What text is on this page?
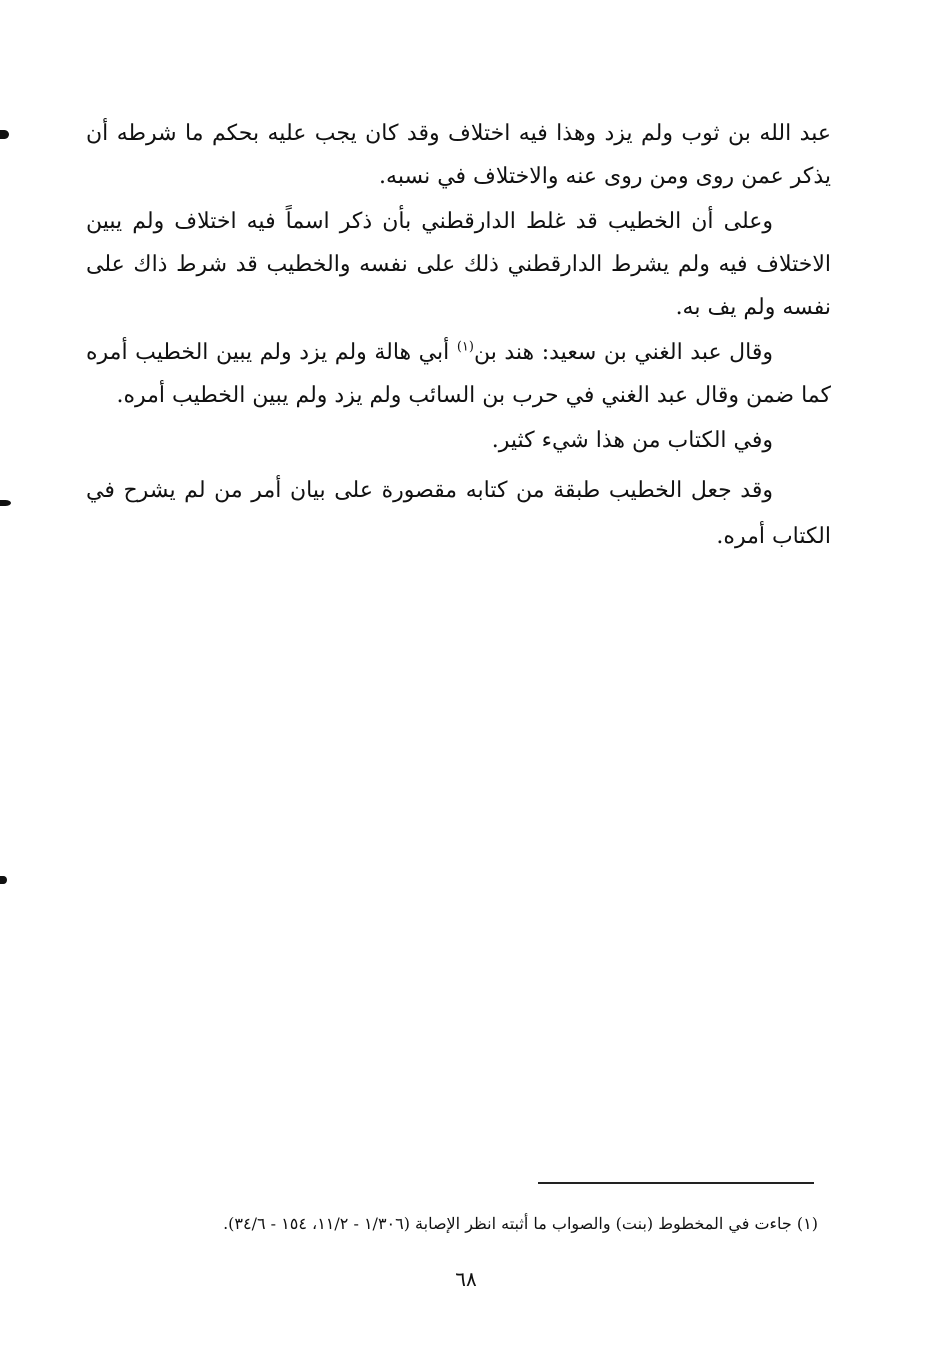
عبد الله بن ثوب ولم يزد وهذا فيه اختلاف وقد كان يجب عليه بحكم ما شرطه أن يذكر عمن روى ومن روى عنه والاختلاف في نسبه.

وعلى أن الخطيب قد غلط الدارقطني بأن ذكر اسماً فيه اختلاف ولم يبين الاختلاف فيه ولم يشرط الدارقطني ذلك على نفسه والخطيب قد شرط ذاك على نفسه ولم يف به.

وقال عبد الغني بن سعيد: هند بن$^{(١)}$ أبي هالة ولم يزد ولم يبين الخطيب أمره كما ضمن وقال عبد الغني في حرب بن السائب ولم يزد ولم يبين الخطيب أمره.

وفي الكتاب من هذا شيء كثير.

وقد جعل الخطيب طبقة من كتابه مقصورة على بيان أمر من لم يشرح في الكتاب أمره.

(١) جاءت في المخطوط (بنت) والصواب ما أثبته انظر الإصابة (١/٣٠٦ - ١١/٢، ١٥٤ - ٣٤/٦).
٦٨
